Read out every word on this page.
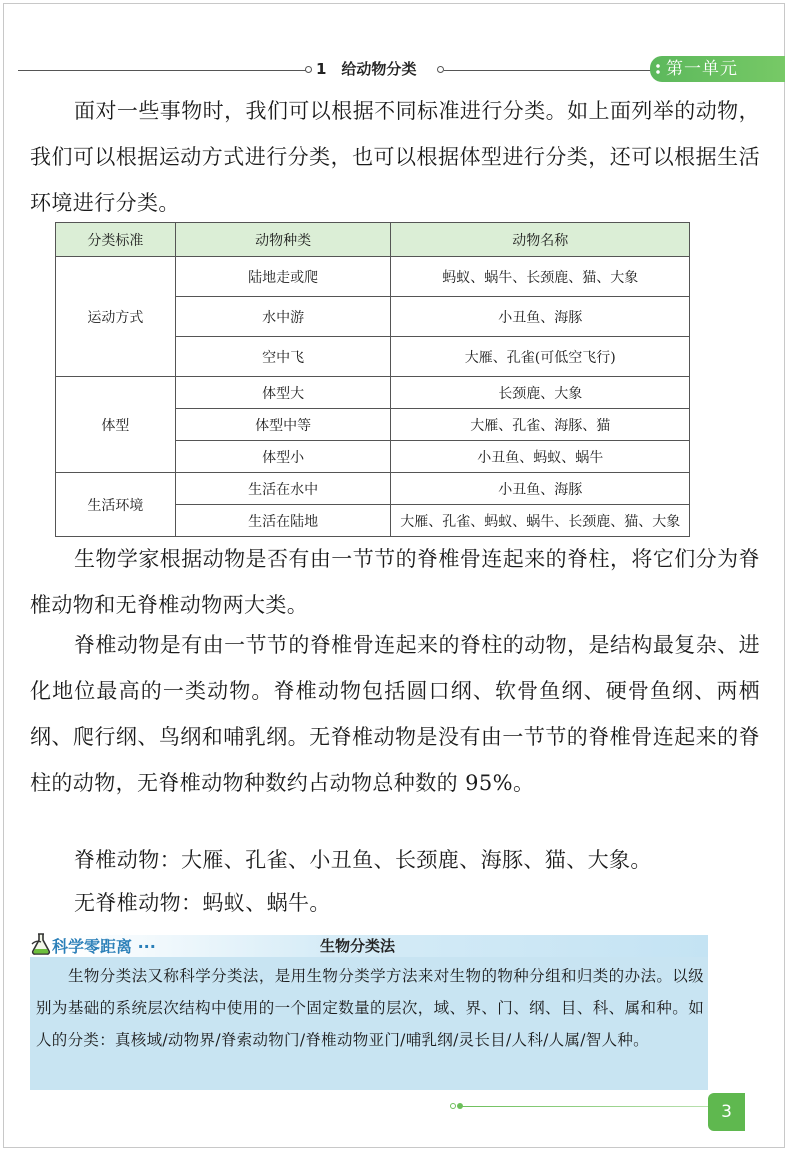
1　给动物分类	第一单元
面对一些事物时，我们可以根据不同标准进行分类。如上面列举的动物，我们可以根据运动方式进行分类，也可以根据体型进行分类，还可以根据生活环境进行分类。
分类标准	动物种类	动物名称
运动方式	陆地走或爬	蚂蚁、蜗牛、长颈鹿、猫、大象
	水中游	小丑鱼、海豚
	空中飞	大雁、孔雀(可低空飞行)
体型	体型大	长颈鹿、大象
	体型中等	大雁、孔雀、海豚、猫
	体型小	小丑鱼、蚂蚁、蜗牛
生活环境	生活在水中	小丑鱼、海豚
	生活在陆地	大雁、孔雀、蚂蚁、蜗牛、长颈鹿、猫、大象
生物学家根据动物是否有由一节节的脊椎骨连起来的脊柱，将它们分为脊椎动物和无脊椎动物两大类。
脊椎动物是有由一节节的脊椎骨连起来的脊柱的动物，是结构最复杂、进化地位最高的一类动物。脊椎动物包括圆口纲、软骨鱼纲、硬骨鱼纲、两栖纲、爬行纲、鸟纲和哺乳纲。无脊椎动物是没有由一节节的脊椎骨连起来的脊柱的动物，无脊椎动物种数约占动物总种数的 95%。
脊椎动物：大雁、孔雀、小丑鱼、长颈鹿、海豚、猫、大象。
无脊椎动物：蚂蚁、蜗牛。
科学零距离 ···	生物分类法
生物分类法又称科学分类法，是用生物分类学方法来对生物的物种分组和归类的办法。以级别为基础的系统层次结构中使用的一个固定数量的层次，域、界、门、纲、目、科、属和种。如人的分类：真核域/动物界/脊索动物门/脊椎动物亚门/哺乳纲/灵长目/人科/人属/智人种。
3
